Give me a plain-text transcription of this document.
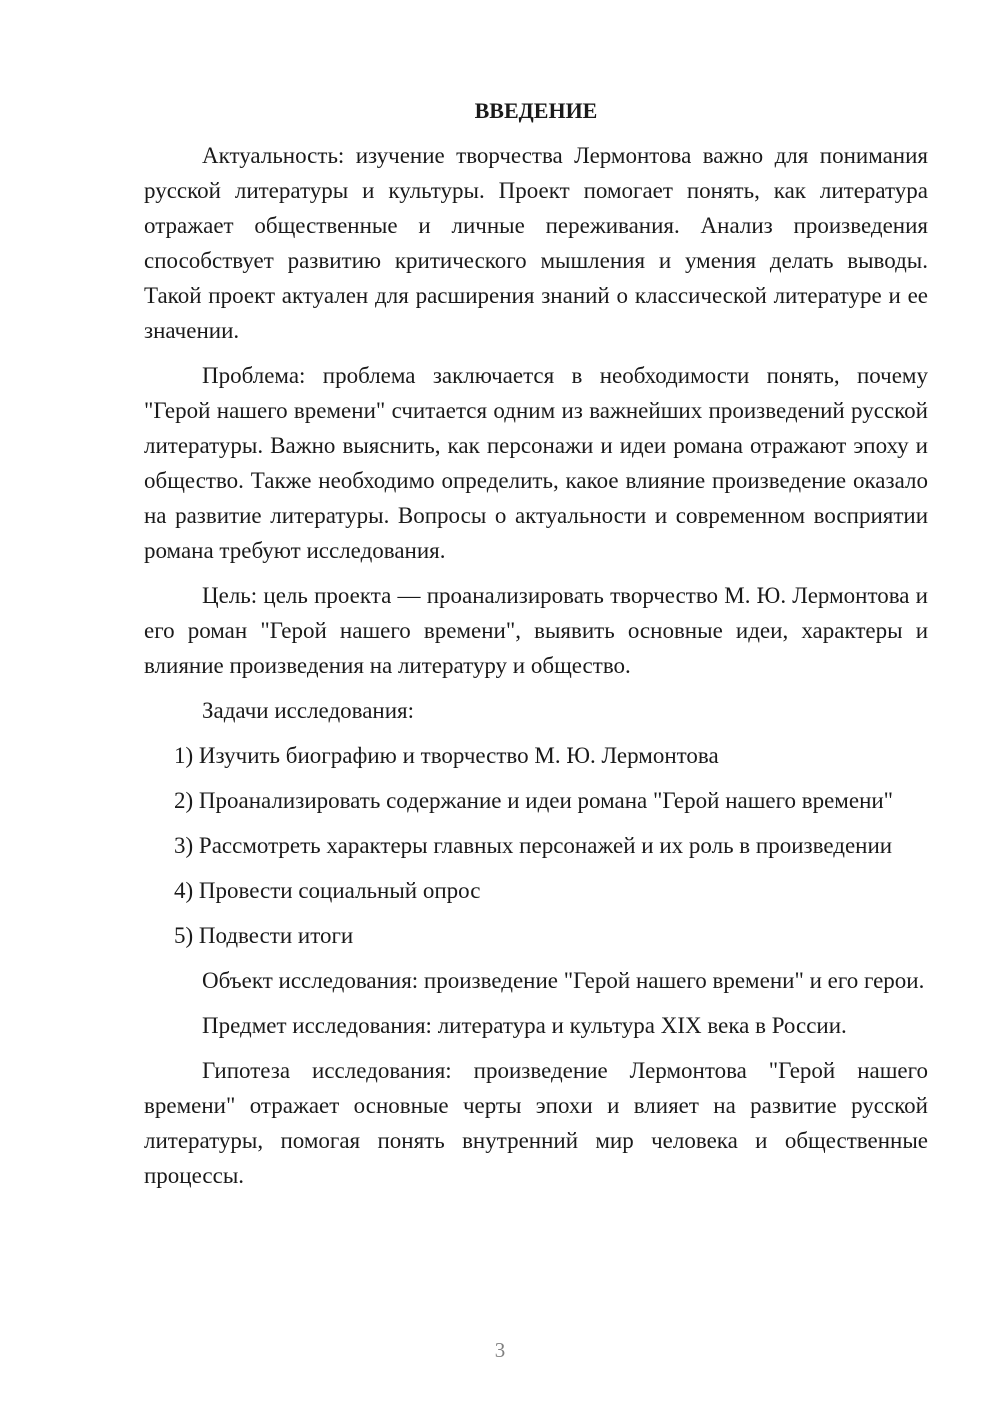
ВВЕДЕНИЕ

Актуальность: изучение творчества Лермонтова важно для понимания русской литературы и культуры. Проект помогает понять, как литература отражает общественные и личные переживания. Анализ произведения способствует развитию критического мышления и умения делать выводы. Такой проект актуален для расширения знаний о классической литературе и ее значении.

Проблема: проблема заключается в необходимости понять, почему "Герой нашего времени" считается одним из важнейших произведений русской литературы. Важно выяснить, как персонажи и идеи романа отражают эпоху и общество. Также необходимо определить, какое влияние произведение оказало на развитие литературы. Вопросы о актуальности и современном восприятии романа требуют исследования.

Цель: цель проекта — проанализировать творчество М. Ю. Лермонтова и его роман "Герой нашего времени", выявить основные идеи, характеры и влияние произведения на литературу и общество.

Задачи исследования:

1) Изучить биографию и творчество М. Ю. Лермонтова

2) Проанализировать содержание и идеи романа "Герой нашего времени"

3) Рассмотреть характеры главных персонажей и их роль в произведении

4) Провести социальный опрос

5) Подвести итоги

Объект исследования: произведение "Герой нашего времени" и его герои.

Предмет исследования: литература и культура XIX века в России.

Гипотеза исследования: произведение Лермонтова "Герой нашего времени" отражает основные черты эпохи и влияет на развитие русской литературы, помогая понять внутренний мир человека и общественные процессы.

3
